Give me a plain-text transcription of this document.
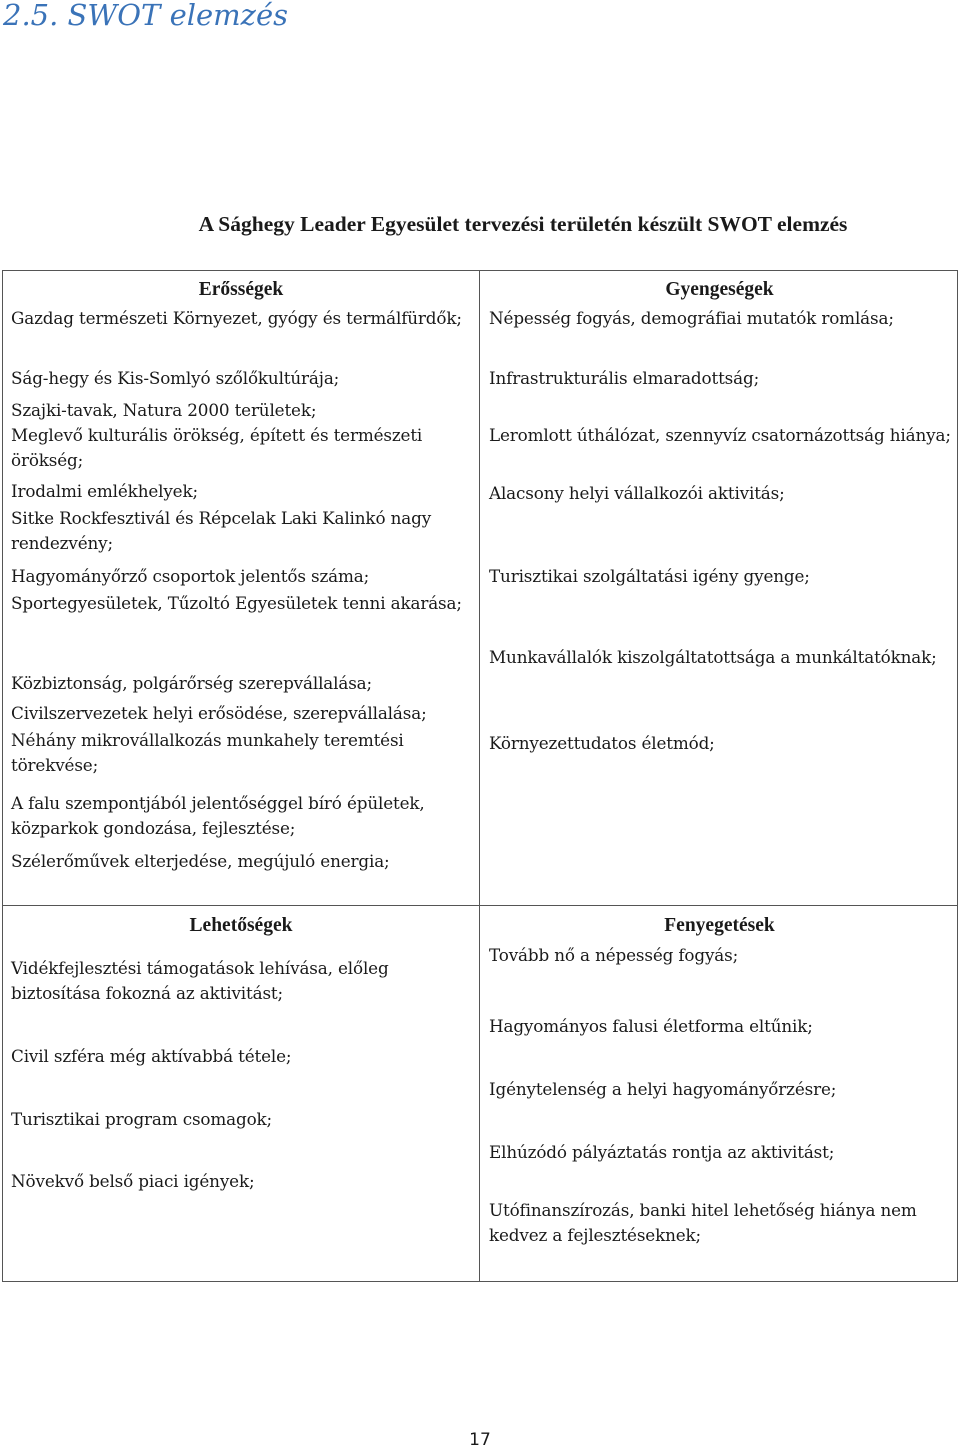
2.5. SWOT elemzés
A Sághegy Leader Egyesület tervezési területén készült SWOT elemzés

Erősségek

Gazdag természeti Környezet, gyógy és termálfürdők;

Ság-hegy és Kis-Somlyó szőlőkultúrája;

Szajki-tavak, Natura 2000 területek;

Meglevő kulturális örökség, épített és természeti örökség;

Irodalmi emlékhelyek;

Sitke Rockfesztivál és Répcelak Laki Kalinkó nagy rendezvény;

Hagyományőrző csoportok jelentős száma;

Sportegyesületek, Tűzoltó Egyesületek tenni akarása;

Közbiztonság, polgárőrség szerepvállalása;

Civilszervezetek helyi erősödése, szerepvállalása;

Néhány mikrovállalkozás munkahely teremtési törekvése;

A falu szempontjából jelentőséggel bíró épületek, közparkok gondozása, fejlesztése;

Szélerőművek elterjedése, megújuló energia;

Gyengeségek

Népesség fogyás, demográfiai mutatók romlása;

Infrastrukturális elmaradottság;

Leromlott úthálózat, szennyvíz csatornázottság hiánya;

Alacsony helyi vállalkozói aktivitás;

Turisztikai szolgáltatási igény gyenge;

Munkavállalók kiszolgáltatottsága a munkáltatóknak;

Környezettudatos életmód;

Lehetőségek

Vidékfejlesztési támogatások lehívása, előleg biztosítása fokozná az aktivitást;

Civil szféra még aktívabbá tétele;

Turisztikai program csomagok;

Növekvő belső piaci igények;

Fenyegetések

Tovább nő a népesség fogyás;

Hagyományos falusi életforma eltűnik;

Igénytelenség a helyi hagyományőrzésre;

Elhúzódó pályáztatás rontja az aktivitást;

Utófinanszírozás, banki hitel lehetőség hiánya nem kedvez a fejlesztéseknek;

17
